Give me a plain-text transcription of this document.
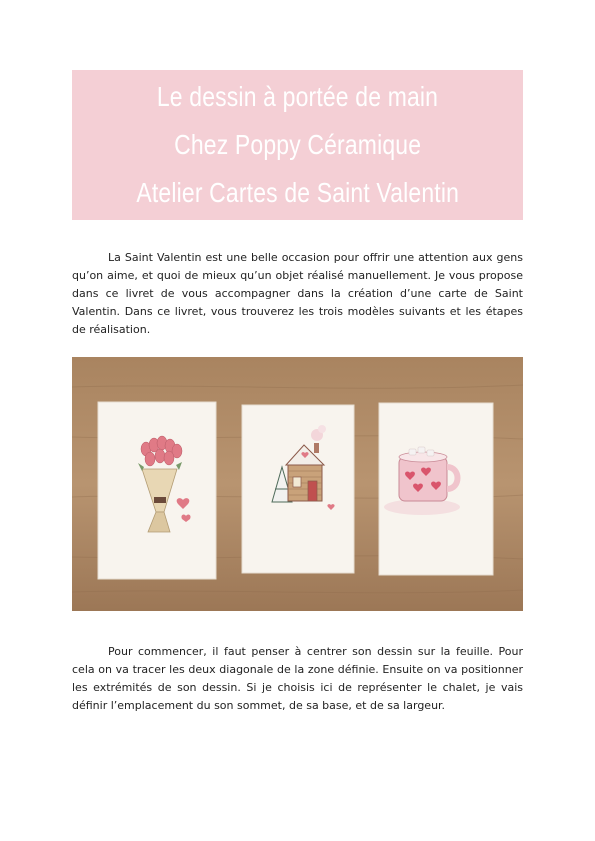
Le dessin à portée de main
Chez Poppy Céramique
Atelier Cartes de Saint Valentin

La Saint Valentin est une belle occasion pour offrir une attention aux gens qu’on aime, et quoi de mieux qu’un objet réalisé manuellement. Je vous propose dans ce livret de vous accompagner dans la création d’une carte de Saint Valentin. Dans ce livret, vous trouverez les trois modèles suivants et les étapes de réalisation.

Pour commencer, il faut penser à centrer son dessin sur la feuille. Pour cela on va tracer les deux diagonale de la zone définie. Ensuite on va positionner les extrémités de son dessin. Si je choisis ici de représenter le chalet, je vais définir l’emplacement du son sommet, de sa base, et de sa largeur.
